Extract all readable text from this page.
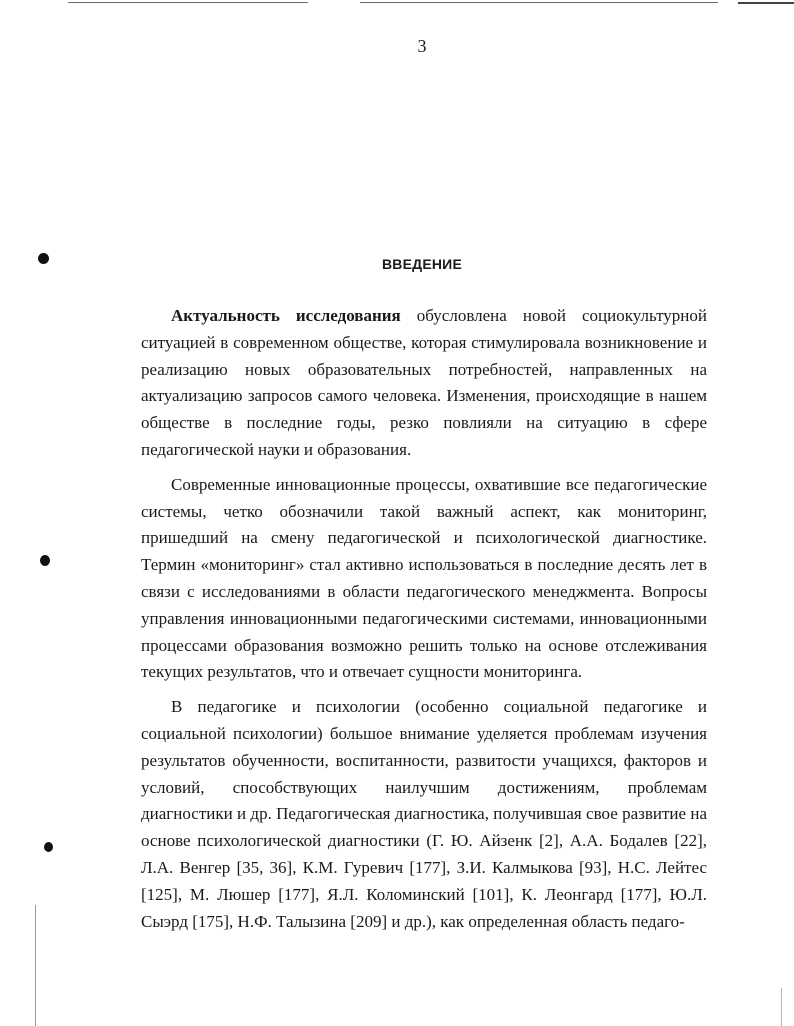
3
ВВЕДЕНИЕ

Актуальность исследования обусловлена новой социокультурной ситуацией в современном обществе, которая стимулировала возникновение и реализацию новых образовательных потребностей, направленных на актуализацию запросов самого человека. Изменения, происходящие в нашем обществе в последние годы, резко повлияли на ситуацию в сфере педагогической науки и образования.

Современные инновационные процессы, охватившие все педагогические системы, четко обозначили такой важный аспект, как мониторинг, пришедший на смену педагогической и психологической диагностике. Термин «мониторинг» стал активно использоваться в последние десять лет в связи с исследованиями в области педагогического менеджмента. Вопросы управления инновационными педагогическими системами, инновационными процессами образования возможно решить только на основе отслеживания текущих результатов, что и отвечает сущности мониторинга.

В педагогике и психологии (особенно социальной педагогике и социальной психологии) большое внимание уделяется проблемам изучения результатов обученности, воспитанности, развитости учащихся, факторов и условий, способствующих наилучшим достижениям, проблемам диагностики и др. Педагогическая диагностика, получившая свое развитие на основе психологической диагностики (Г. Ю. Айзенк [2], А.А. Бодалев [22], Л.А. Венгер [35, 36], К.М. Гуревич [177], З.И. Калмыкова [93], Н.С. Лейтес [125], М. Люшер [177], Я.Л. Коломинский [101], К. Леонгард [177], Ю.Л. Сыэрд [175], Н.Ф. Талызина [209] и др.), как определенная область педаго-
